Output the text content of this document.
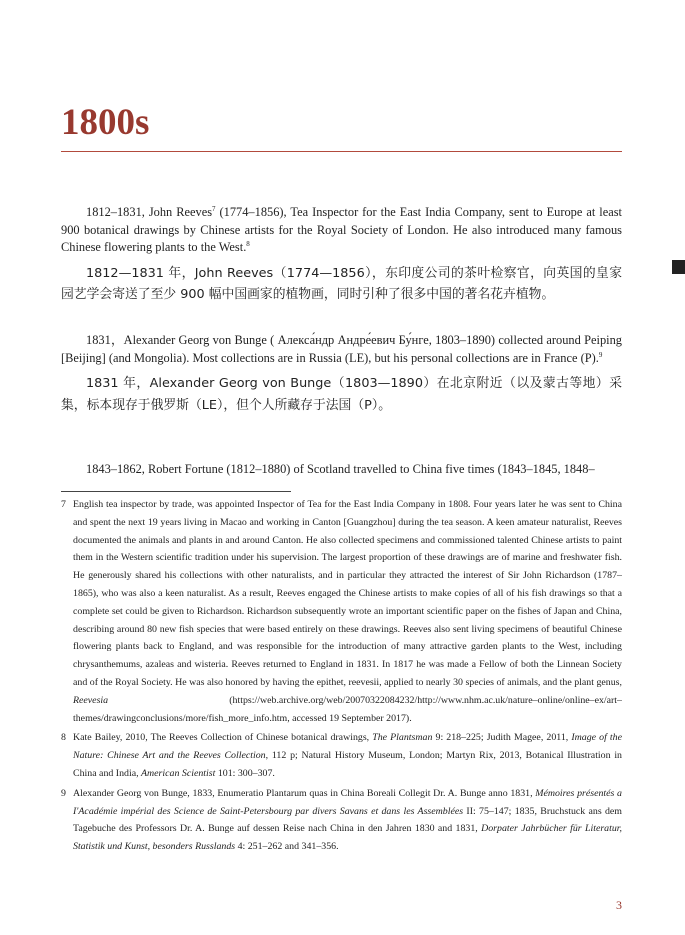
1800s

1812–1831, John Reeves$^7$ (1774–1856), Tea Inspector for the East India Company, sent to Europe at least 900 botanical drawings by Chinese artists for the Royal Society of London. He also introduced many famous Chinese flowering plants to the West.$^8$

1812—1831 年，John Reeves（1774—1856），东印度公司的茶叶检察官，向英国的皇家园艺学会寄送了至少 900 幅中国画家的植物画，同时引种了很多中国的著名花卉植物。

1831，Alexander Georg von Bunge ( Алекса́ндр Андре́евич Бу́нге, 1803–1890) collected around Peiping [Beijing] (and Mongolia). Most collections are in Russia (LE), but his personal collections are in France (P).$^9$

1831 年，Alexander Georg von Bunge（1803—1890）在北京附近（以及蒙古等地）采集，标本现存于俄罗斯（LE），但个人所藏存于法国（P）。

1843–1862, Robert Fortune (1812–1880) of Scotland travelled to China five times (1843–1845, 1848–

7 English tea inspector by trade, was appointed Inspector of Tea for the East India Company in 1808. Four years later he was sent to China and spent the next 19 years living in Macao and working in Canton [Guangzhou] during the tea season. A keen amateur naturalist, Reeves documented the animals and plants in and around Canton. He also collected specimens and commissioned talented Chinese artists to paint them in the Western scientific tradition under his supervision. The largest proportion of these drawings are of marine and freshwater fish. He generously shared his collections with other naturalists, and in particular they attracted the interest of Sir John Richardson (1787–1865), who was also a keen naturalist. As a result, Reeves engaged the Chinese artists to make copies of all of his fish drawings so that a complete set could be given to Richardson. Richardson subsequently wrote an important scientific paper on the fishes of Japan and China, describing around 80 new fish species that were based entirely on these drawings. Reeves also sent living specimens of beautiful Chinese flowering plants back to England, and was responsible for the introduction of many attractive garden plants to the West, including chrysanthemums, azaleas and wisteria. Reeves returned to England in 1831. In 1817 he was made a Fellow of both the Linnean Society and of the Royal Society. He was also honored by having the epithet, reevesii, applied to nearly 30 species of animals, and the plant genus, Reevesia (https://web.archive.org/web/20070322084232/http://www.nhm.ac.uk/nature–online/online–ex/art–themes/drawingconclusions/more/fish_more_info.htm, accessed 19 September 2017).
8 Kate Bailey, 2010, The Reeves Collection of Chinese botanical drawings, The Plantsman 9: 218–225; Judith Magee, 2011, Image of the Nature: Chinese Art and the Reeves Collection, 112 p; Natural History Museum, London; Martyn Rix, 2013, Botanical Illustration in China and India, American Scientist 101: 300–307.
9 Alexander Georg von Bunge, 1833, Enumeratio Plantarum quas in China Boreali Collegit Dr. A. Bunge anno 1831, Mémoires présentés a I'Académie impérial des Science de Saint-Petersbourg par divers Savans et dans les Assemblées II: 75–147; 1835, Bruchstuck ans dem Tagebuche des Professors Dr. A. Bunge auf dessen Reise nach China in den Jahren 1830 and 1831, Dorpater Jahrbücher für Literatur, Statistik und Kunst, besonders Russlands 4: 251–262 and 341–356.
3
